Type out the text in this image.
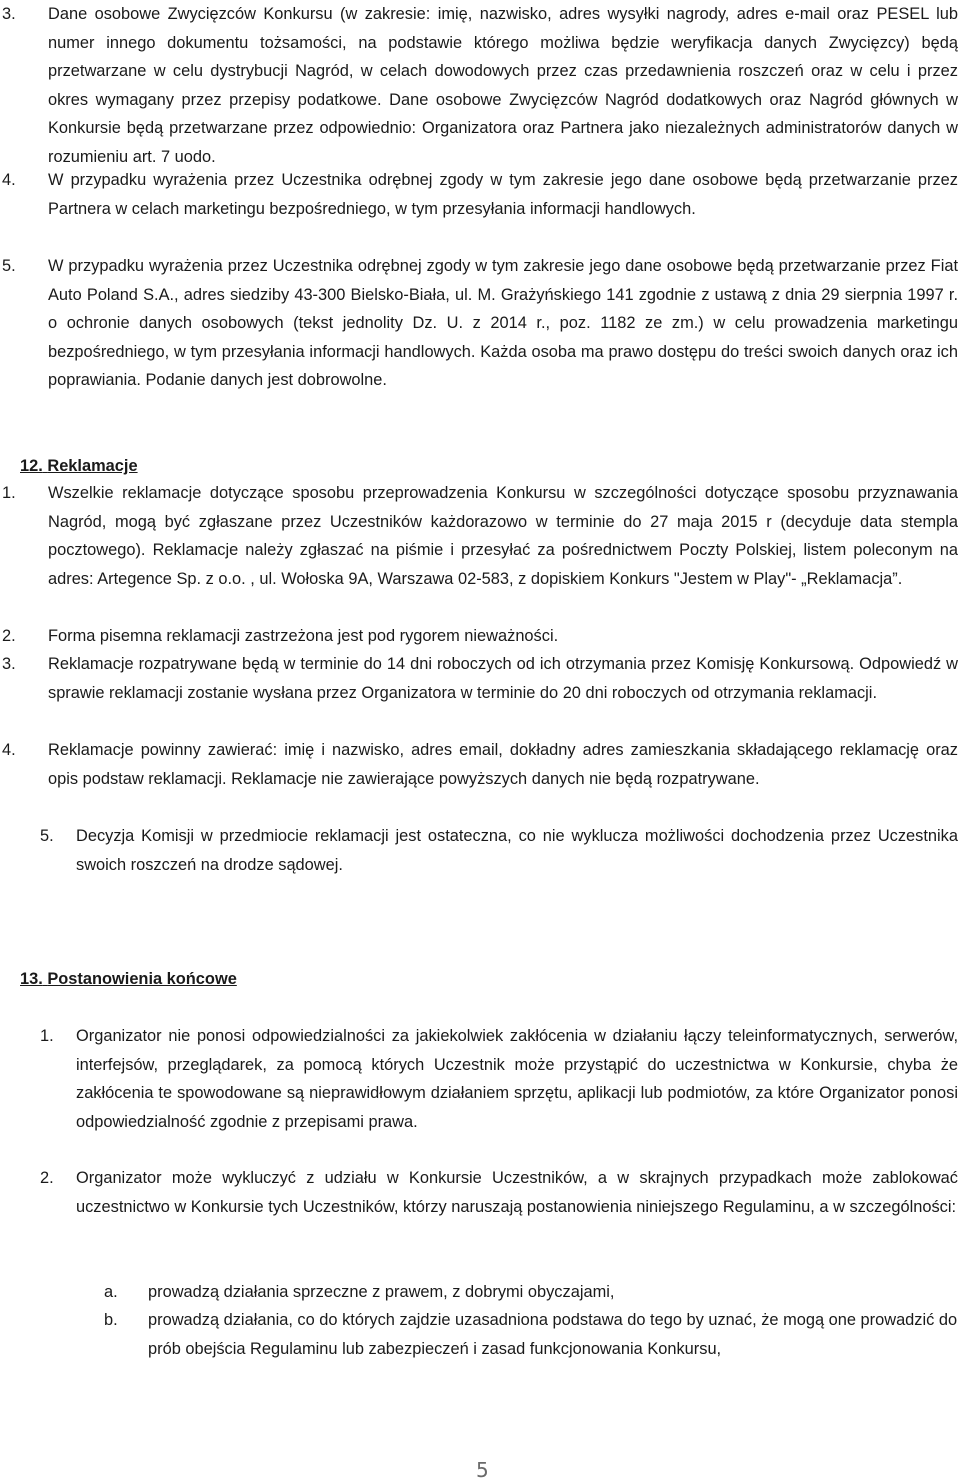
3. Dane osobowe Zwycięzców Konkursu (w zakresie: imię, nazwisko, adres wysyłki nagrody, adres e-mail oraz PESEL lub numer innego dokumentu tożsamości, na podstawie którego możliwa będzie weryfikacja danych Zwycięzcy) będą przetwarzane w celu dystrybucji Nagród, w celach dowodowych przez czas przedawnienia roszczeń oraz w celu i przez okres wymagany przez przepisy podatkowe. Dane osobowe Zwycięzców Nagród dodatkowych oraz Nagród głównych w Konkursie będą przetwarzane przez odpowiednio: Organizatora oraz Partnera jako niezależnych administratorów danych w rozumieniu art. 7 uodo.
4. W przypadku wyrażenia przez Uczestnika odrębnej zgody w tym zakresie jego dane osobowe będą przetwarzanie przez Partnera w celach marketingu bezpośredniego, w tym przesyłania informacji handlowych.
5. W przypadku wyrażenia przez Uczestnika odrębnej zgody w tym zakresie jego dane osobowe będą przetwarzanie przez Fiat Auto Poland S.A., adres siedziby 43-300 Bielsko-Biała, ul. M. Grażyńskiego 141 zgodnie z ustawą z dnia 29 sierpnia 1997 r. o ochronie danych osobowych (tekst jednolity Dz. U. z 2014 r., poz. 1182 ze zm.) w celu prowadzenia marketingu bezpośredniego, w tym przesyłania informacji handlowych. Każda osoba ma prawo dostępu do treści swoich danych oraz ich poprawiania. Podanie danych jest dobrowolne.
12. Reklamacje
1. Wszelkie reklamacje dotyczące sposobu przeprowadzenia Konkursu w szczególności dotyczące sposobu przyznawania Nagród, mogą być zgłaszane przez Uczestników każdorazowo w terminie do 27 maja 2015 r (decyduje data stempla pocztowego). Reklamacje należy zgłaszać na piśmie i przesyłać za pośrednictwem Poczty Polskiej, listem poleconym na adres: Artegence Sp. z o.o. , ul. Wołoska 9A, Warszawa 02-583, z dopiskiem Konkurs "Jestem w Play"- „Reklamacja”.
2. Forma pisemna reklamacji zastrzeżona jest pod rygorem nieważności.
3. Reklamacje rozpatrywane będą w terminie do 14 dni roboczych od ich otrzymania przez Komisję Konkursową. Odpowiedź w sprawie reklamacji zostanie wysłana przez Organizatora w terminie do 20 dni roboczych od otrzymania reklamacji.
4. Reklamacje powinny zawierać: imię i nazwisko, adres email, dokładny adres zamieszkania składającego reklamację oraz opis podstaw reklamacji. Reklamacje nie zawierające powyższych danych nie będą rozpatrywane.
5. Decyzja Komisji w przedmiocie reklamacji jest ostateczna, co nie wyklucza możliwości dochodzenia przez Uczestnika swoich roszczeń na drodze sądowej.
13. Postanowienia końcowe
1. Organizator nie ponosi odpowiedzialności za jakiekolwiek zakłócenia w działaniu łączy teleinformatycznych, serwerów, interfejsów, przeglądarek, za pomocą których Uczestnik może przystąpić do uczestnictwa w Konkursie, chyba że zakłócenia te spowodowane są nieprawidłowym działaniem sprzętu, aplikacji lub podmiotów, za które Organizator ponosi odpowiedzialność zgodnie z przepisami prawa.
2. Organizator może wykluczyć z udziału w Konkursie Uczestników, a w skrajnych przypadkach może zablokować uczestnictwo w Konkursie tych Uczestników, którzy naruszają postanowienia niniejszego Regulaminu, a w szczególności:
a. prowadzą działania sprzeczne z prawem, z dobrymi obyczajami,
b. prowadzą działania, co do których zajdzie uzasadniona podstawa do tego by uznać, że mogą one prowadzić do prób obejścia Regulaminu lub zabezpieczeń i zasad funkcjonowania Konkursu,
5
